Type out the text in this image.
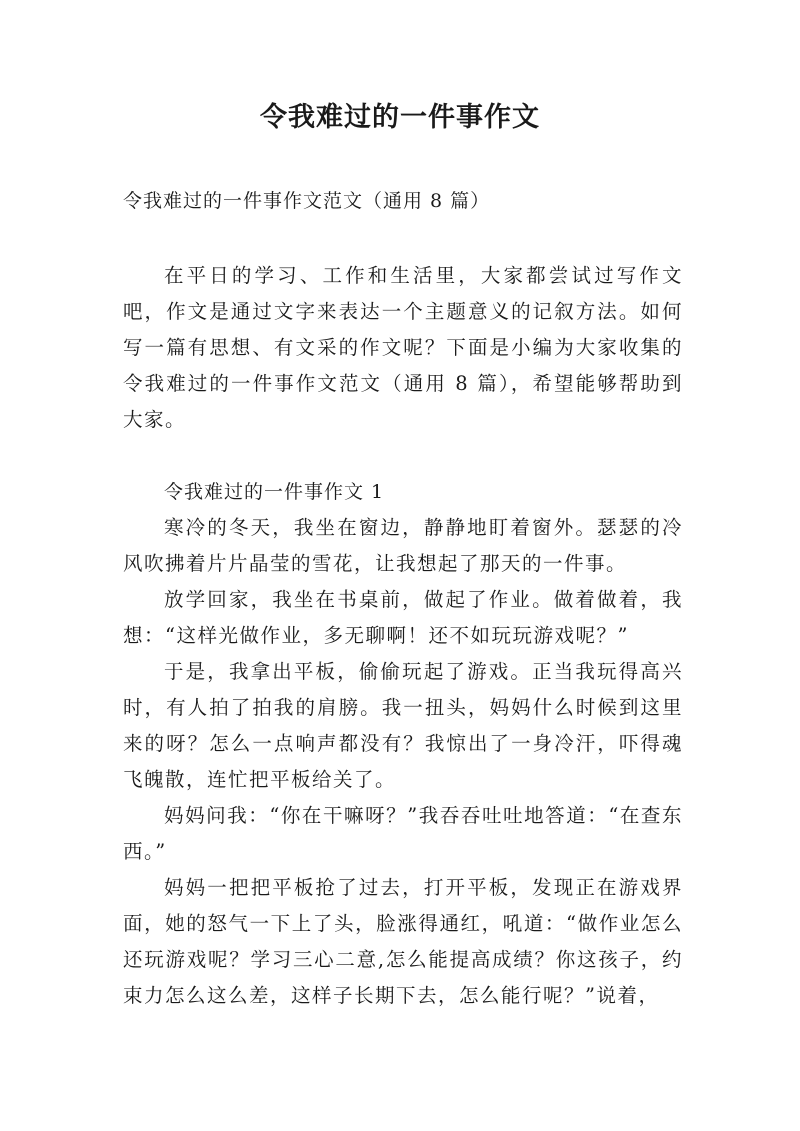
令我难过的一件事作文
令我难过的一件事作文范文（通用 8 篇）

在平日的学习、工作和生活里，大家都尝试过写作文吧，作文是通过文字来表达一个主题意义的记叙方法。如何写一篇有思想、有文采的作文呢？下面是小编为大家收集的令我难过的一件事作文范文（通用 8 篇），希望能够帮助到大家。

令我难过的一件事作文 1

寒冷的冬天，我坐在窗边，静静地盯着窗外。瑟瑟的冷风吹拂着片片晶莹的雪花，让我想起了那天的一件事。

放学回家，我坐在书桌前，做起了作业。做着做着，我想：“这样光做作业，多无聊啊！还不如玩玩游戏呢？”

于是，我拿出平板，偷偷玩起了游戏。正当我玩得高兴时，有人拍了拍我的肩膀。我一扭头，妈妈什么时候到这里来的呀？怎么一点响声都没有？我惊出了一身冷汗，吓得魂飞魄散，连忙把平板给关了。

妈妈问我：“你在干嘛呀？”我吞吞吐吐地答道：“在查东西。”

妈妈一把把平板抢了过去，打开平板，发现正在游戏界面，她的怒气一下上了头，脸涨得通红，吼道：“做作业怎么还玩游戏呢？学习三心二意,怎么能提高成绩？你这孩子，约束力怎么这么差，这样子长期下去，怎么能行呢？”说着，
